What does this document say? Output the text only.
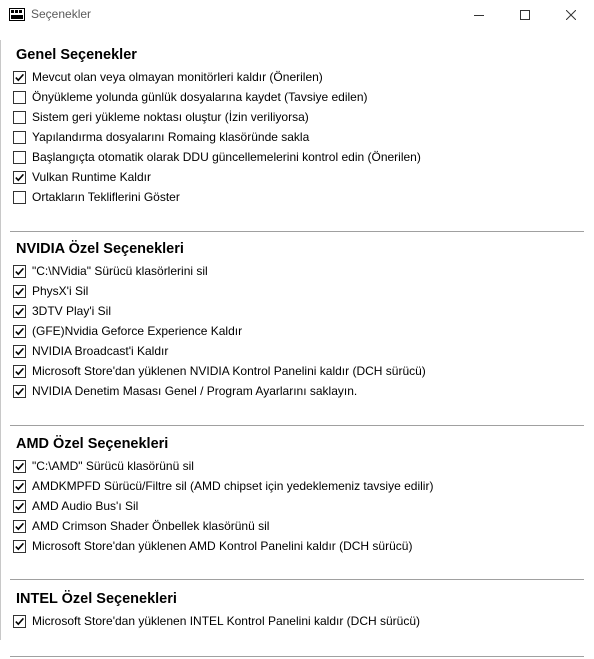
Seçenekler
Genel Seçenekler
Mevcut olan veya olmayan monitörleri kaldır (Önerilen)
Önyükleme yolunda günlük dosyalarına kaydet (Tavsiye edilen)
Sistem geri yükleme noktası oluştur (İzin veriliyorsa)
Yapılandırma dosyalarını Romaing klasöründe sakla
Başlangıçta otomatik olarak DDU güncellemelerini kontrol edin (Önerilen)
Vulkan Runtime Kaldır
Ortakların Tekliflerini Göster
NVIDIA Özel Seçenekleri
"C:\NVidia" Sürücü klasörlerini sil
PhysX'i Sil
3DTV Play'i Sil
(GFE)Nvidia Geforce Experience Kaldır
NVIDIA Broadcast'i Kaldır
Microsoft Store'dan yüklenen NVIDIA Kontrol Panelini kaldır (DCH sürücü)
NVIDIA Denetim Masası Genel / Program Ayarlarını saklayın.
AMD Özel Seçenekleri
"C:\AMD" Sürücü klasörünü sil
AMDKMPFD Sürücü/Filtre sil (AMD chipset için yedeklemeniz tavsiye edilir)
AMD Audio Bus'ı Sil
AMD Crimson Shader Önbellek klasörünü sil
Microsoft Store'dan yüklenen AMD Kontrol Panelini kaldır (DCH sürücü)
INTEL Özel Seçenekleri
Microsoft Store'dan yüklenen INTEL Kontrol Panelini kaldır (DCH sürücü)
